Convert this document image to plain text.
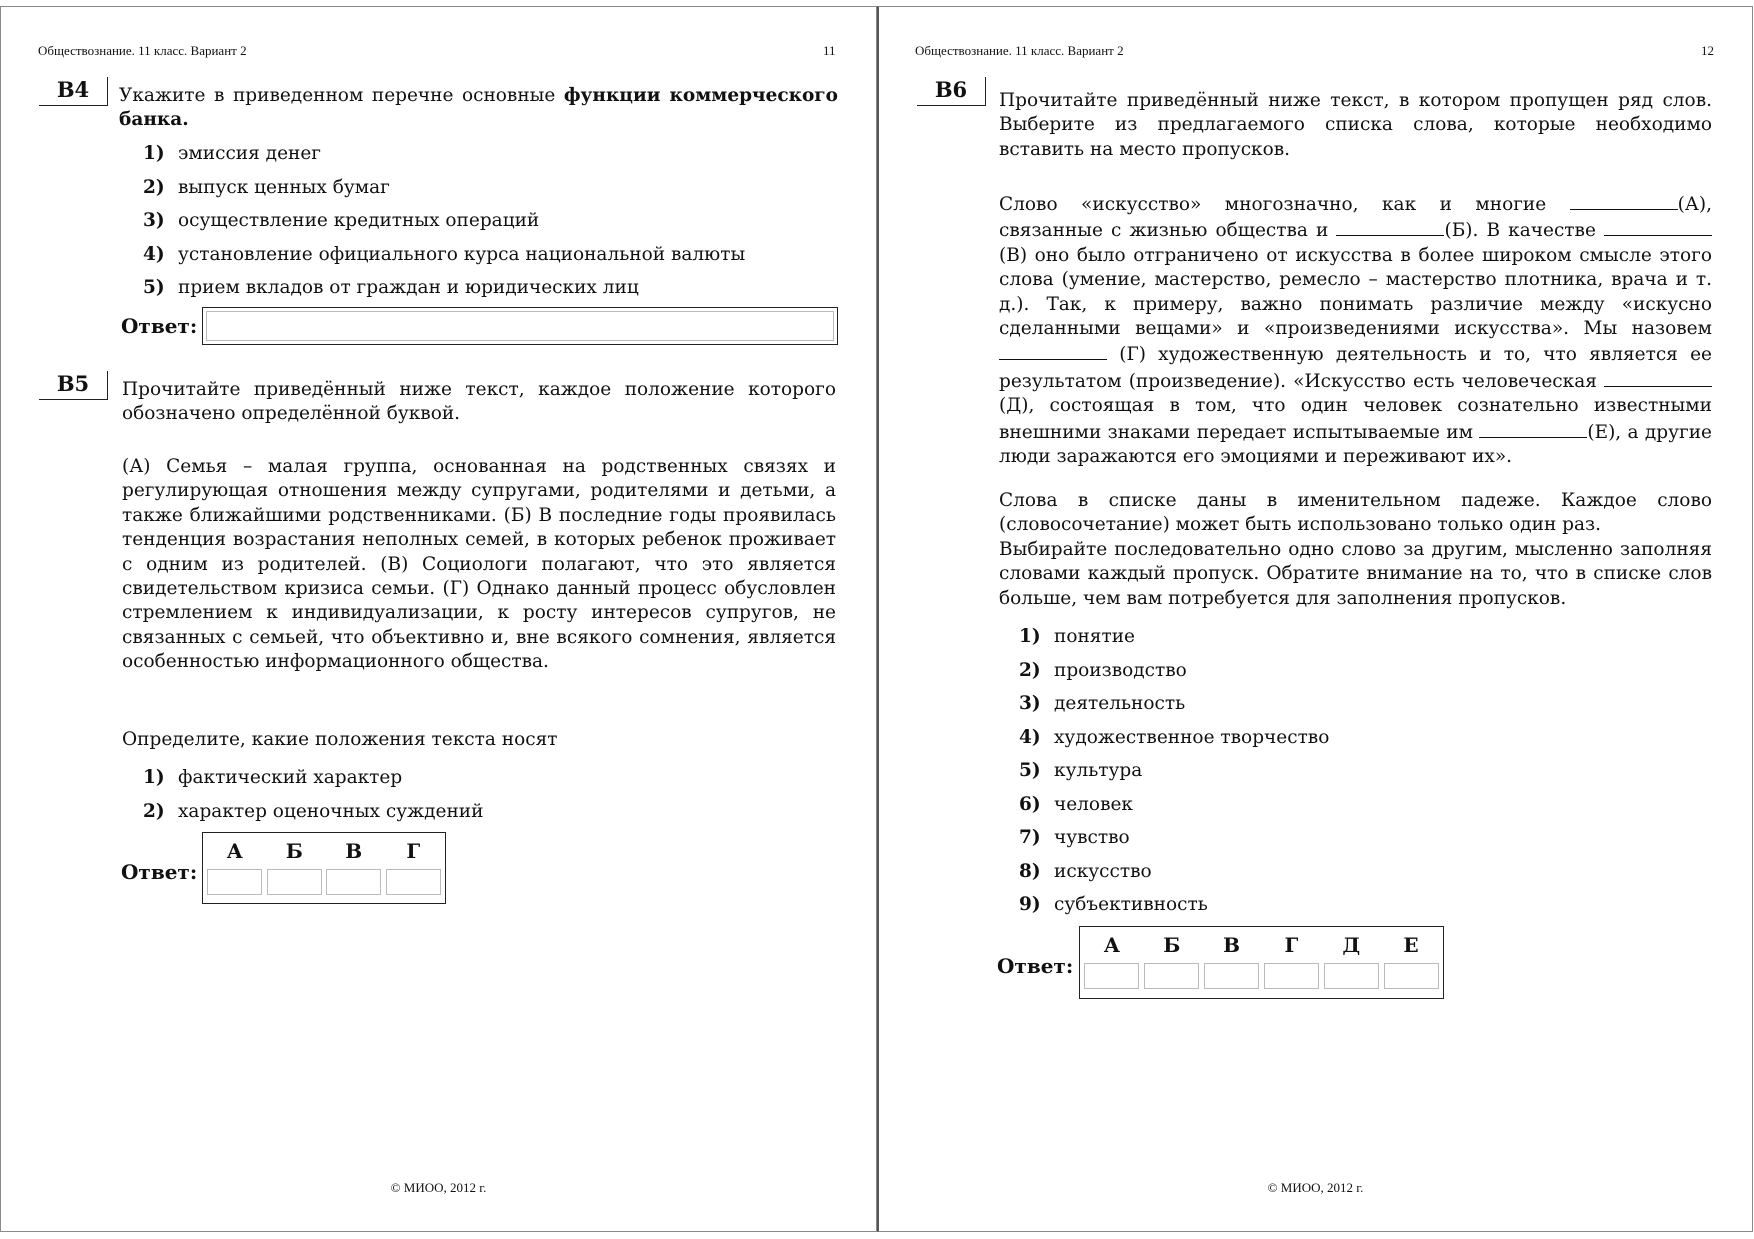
Обществознание. 11 класс. Вариант 2	11
B4	Укажите в приведенном перечне основные функции коммерческого банка.
1) эмиссия денег
2) выпуск ценных бумаг
3) осуществление кредитных операций
4) установление официального курса национальной валюты
5) прием вкладов от граждан и юридических лиц
Ответ:
B5	Прочитайте приведённый ниже текст, каждое положение которого обозначено определённой буквой.
(А) Семья – малая группа, основанная на родственных связях и регулирующая отношения между супругами, родителями и детьми, а также ближайшими родственниками. (Б) В последние годы проявилась тенденция возрастания неполных семей, в которых ребенок проживает с одним из родителей. (В) Социологи полагают, что это является свидетельством кризиса семьи. (Г) Однако данный процесс обусловлен стремлением к индивидуализации, к росту интересов супругов, не связанных с семьей, что объективно и, вне всякого сомнения, является особенностью информационного общества.
Определите, какие положения текста носят
1) фактический характер
2) характер оценочных суждений
Ответ:
А Б В Г
© МИОО, 2012 г.
Обществознание. 11 класс. Вариант 2	12
B6	Прочитайте приведённый ниже текст, в котором пропущен ряд слов. Выберите из предлагаемого списка слова, которые необходимо вставить на место пропусков.
Слово «искусство» многозначно, как и многие	(А), связанные с жизнью общества и	(Б). В качестве  (В) оно было отграничено от искусства в более широком смысле этого слова (умение, мастерство, ремесло – мастерство плотника, врача и т. д.). Так, к примеру, важно понимать различие между «искусно сделанными вещами» и «произведениями искусства». Мы назовем  (Г) художественную деятельность и то, что является ее результатом (произведение). «Искусство есть человеческая  (Д), состоящая в том, что один человек сознательно известными внешними знаками передает испытываемые им	(Е), а другие люди заражаются его эмоциями и переживают их».
Слова в списке даны в именительном падеже. Каждое слово (словосочетание) может быть использовано только один раз.
Выбирайте последовательно одно слово за другим, мысленно заполняя словами каждый пропуск. Обратите внимание на то, что в списке слов больше, чем вам потребуется для заполнения пропусков.
1) понятие
2) производство
3) деятельность
4) художественное творчество
5) культура
6) человек
7) чувство
8) искусство
9) субъективность
Ответ:
А Б В Г Д Е
© МИОО, 2012 г.
